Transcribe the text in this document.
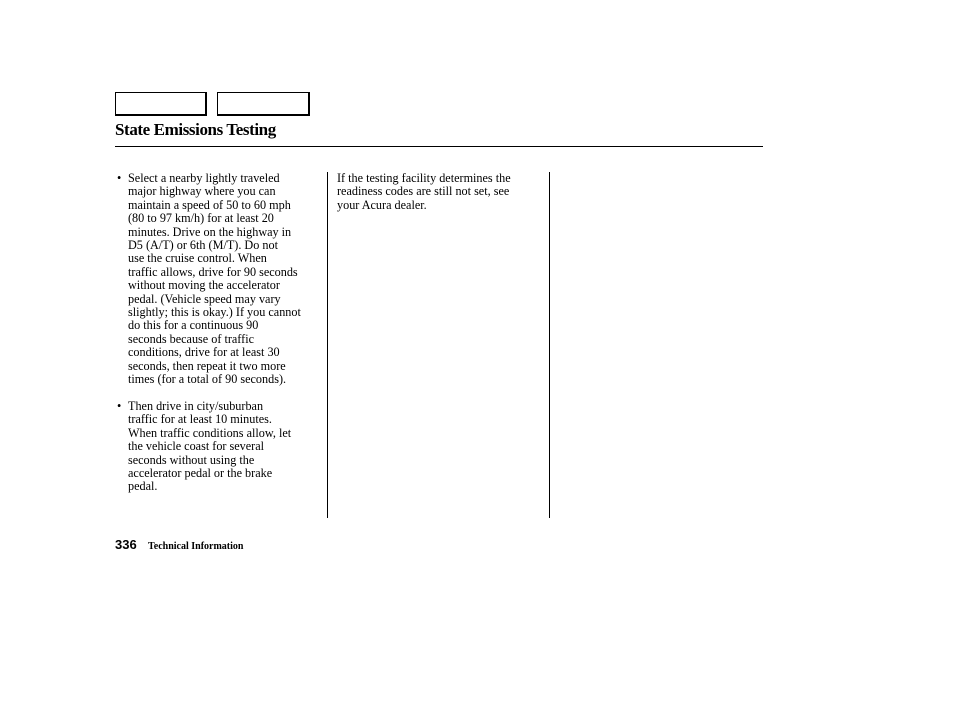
State Emissions Testing
• Select a nearby lightly traveled
major highway where you can
maintain a speed of 50 to 60 mph
(80 to 97 km/h) for at least 20
minutes. Drive on the highway in
D5 (A/T) or 6th (M/T). Do not
use the cruise control. When
traffic allows, drive for 90 seconds
without moving the accelerator
pedal. (Vehicle speed may vary
slightly; this is okay.) If you cannot
do this for a continuous 90
seconds because of traffic
conditions, drive for at least 30
seconds, then repeat it two more
times (for a total of 90 seconds).
• Then drive in city/suburban
traffic for at least 10 minutes.
When traffic conditions allow, let
the vehicle coast for several
seconds without using the
accelerator pedal or the brake
pedal.
If the testing facility determines the
readiness codes are still not set, see
your Acura dealer.
336 Technical Information
